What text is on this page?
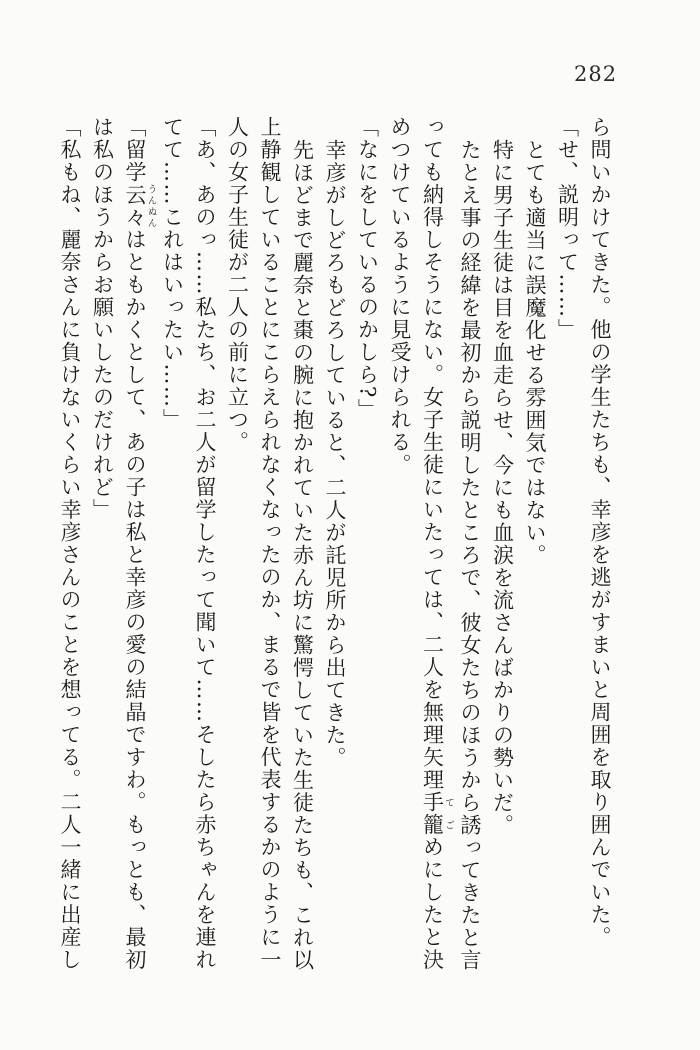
282
ら問いかけてきた。他の学生たちも、幸彦を逃がすまいと周囲を取り囲んでいた。
「せ、説明って……」
とても適当に誤魔化せる雰囲気ではない。
特に男子生徒は目を血走らせ、今にも血涙を流さんばかりの勢いだ。
たとえ事の経緯を最初から説明したところで、彼女たちのほうから誘ってきたと言
っても納得しそうにない。女子生徒にいたっては、二人を無理矢理手籠てごめにしたと決
めつけているように見受けられる。
「なにをしているのかしら?」
幸彦がしどろもどろしていると、二人が託児所から出てきた。
先ほどまで麗奈と棗の腕に抱かれていた赤ん坊に驚愕していた生徒たちも、これ以
上静観していることにこらえられなくなったのか、まるで皆を代表するかのように一
人の女子生徒が二人の前に立つ。
「あ、あのっ……私たち、お二人が留学したって聞いて……そしたら赤ちゃんを連れ
てて……これはいったい……」
「留学云々うんぬんはともかくとして、あの子は私と幸彦の愛の結晶ですわ。もっとも、最初
は私のほうからお願いしたのだけれど」
「私もね、麗奈さんに負けないくらい幸彦さんのことを想ってる。二人一緒に出産し
